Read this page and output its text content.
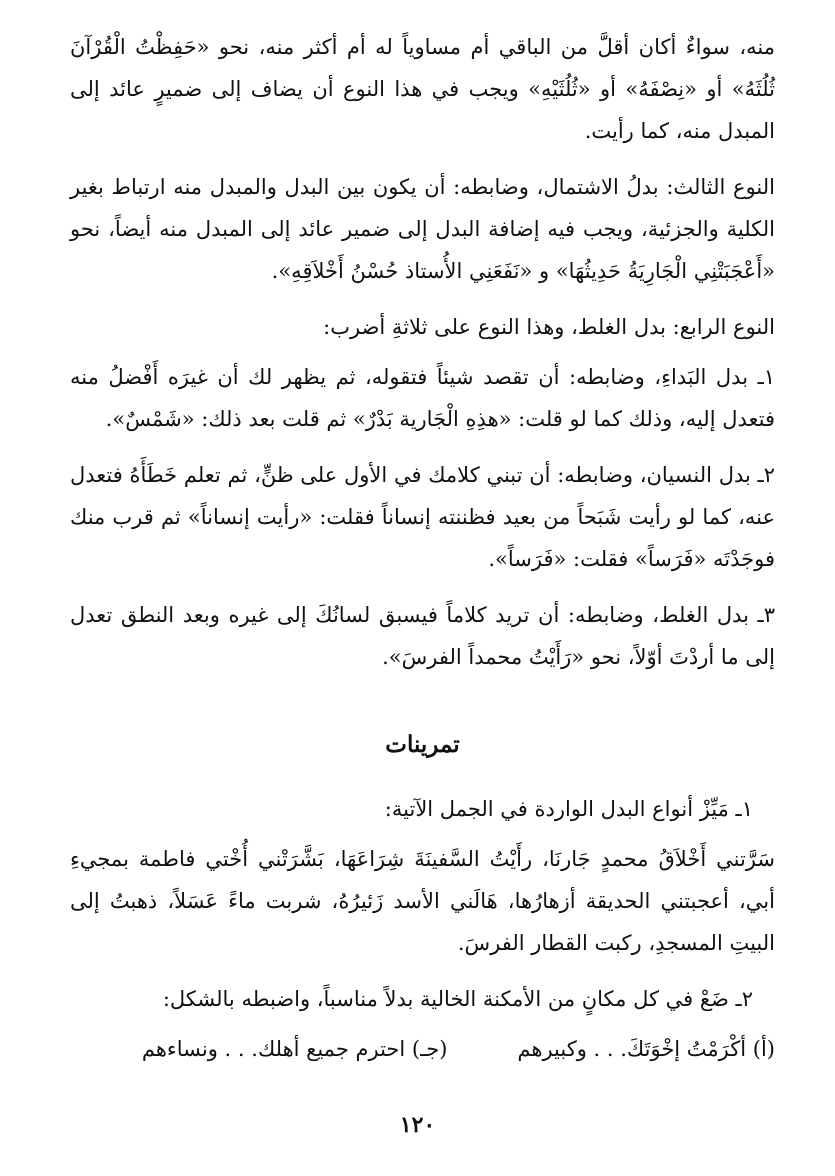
منه، سواءٌ أكان أقلَّ من الباقي أم مساوياً له أم أكثر منه، نحو «حَفِظْتُ الْقُرْآنَ ثُلُثَهُ» أو «نِصْفَهُ» أو «ثُلُثَيْهِ» ويجب في هذا النوع أن يضاف إلى ضميرٍ عائد إلى المبدل منه، كما رأيت.

النوع الثالث: بدلُ الاشتمال، وضابطه: أن يكون بين البدل والمبدل منه ارتباط بغير الكلية والجزئية، ويجب فيه إضافة البدل إلى ضمير عائد إلى المبدل منه أيضاً، نحو «أَعْجَبَتْنِي الْجَارِيَةُ حَدِيثُهَا» و «نَفَعَنِي الأُستاذ حُسْنُ أَخْلاَقِهِ».

النوع الرابع: بدل الغلط، وهذا النوع على ثلاثةِ أضرب:

١ـ بدل البَداءِ، وضابطه: أن تقصد شيئاً فتقوله، ثم يظهر لك أن غيرَه أَفْضلُ منه فتعدل إليه، وذلك كما لو قلت: «هذِهِ الْجَارية بَدْرٌ» ثم قلت بعد ذلك: «شَمْسٌ».

٢ـ بدل النسيان، وضابطه: أن تبني كلامك في الأول على ظنٍّ، ثم تعلم خَطَأَهُ فتعدل عنه، كما لو رأيت شَبَحاً من بعيد فظننته إنساناً فقلت: «رأيت إنساناً» ثم قرب منك فوجَدْتَه «فَرَساً» فقلت: «فَرَساً».

٣ـ بدل الغلط، وضابطه: أن تريد كلاماً فيسبق لسانُكَ إلى غيره وبعد النطق تعدل إلى ما أردْتَ أوّلاً، نحو «رَأَيْتُ محمداً الفرسَ».

تمرينات

١ـ مَيِّزْ أنواع البدل الواردة في الجمل الآتية:

سَرَّتني أَخْلاَقُ محمدٍ جَارنَا، رأَيْتُ السَّفينَةَ شِرَاعَهَا، بَشَّرَتْني أُخْتي فاطمة بمجيءِ أبي، أعجبتني الحديقة أزهارُها، هَالَني الأسد زَئيرُهُ، شربت ماءً عَسَلاً، ذهبتُ إلى البيتِ المسجدِ، ركبت القطار الفرسَ.

٢ـ ضَعْ في كل مكانٍ من الأمكنة الخالية بدلاً مناسباً، واضبطه بالشكل:

(أ) أكْرَمْتُ إخْوَتَكَ. . . وكبيرهم
(جـ) احترم جميع أهلك. . . ونساءهم
١٢٠
